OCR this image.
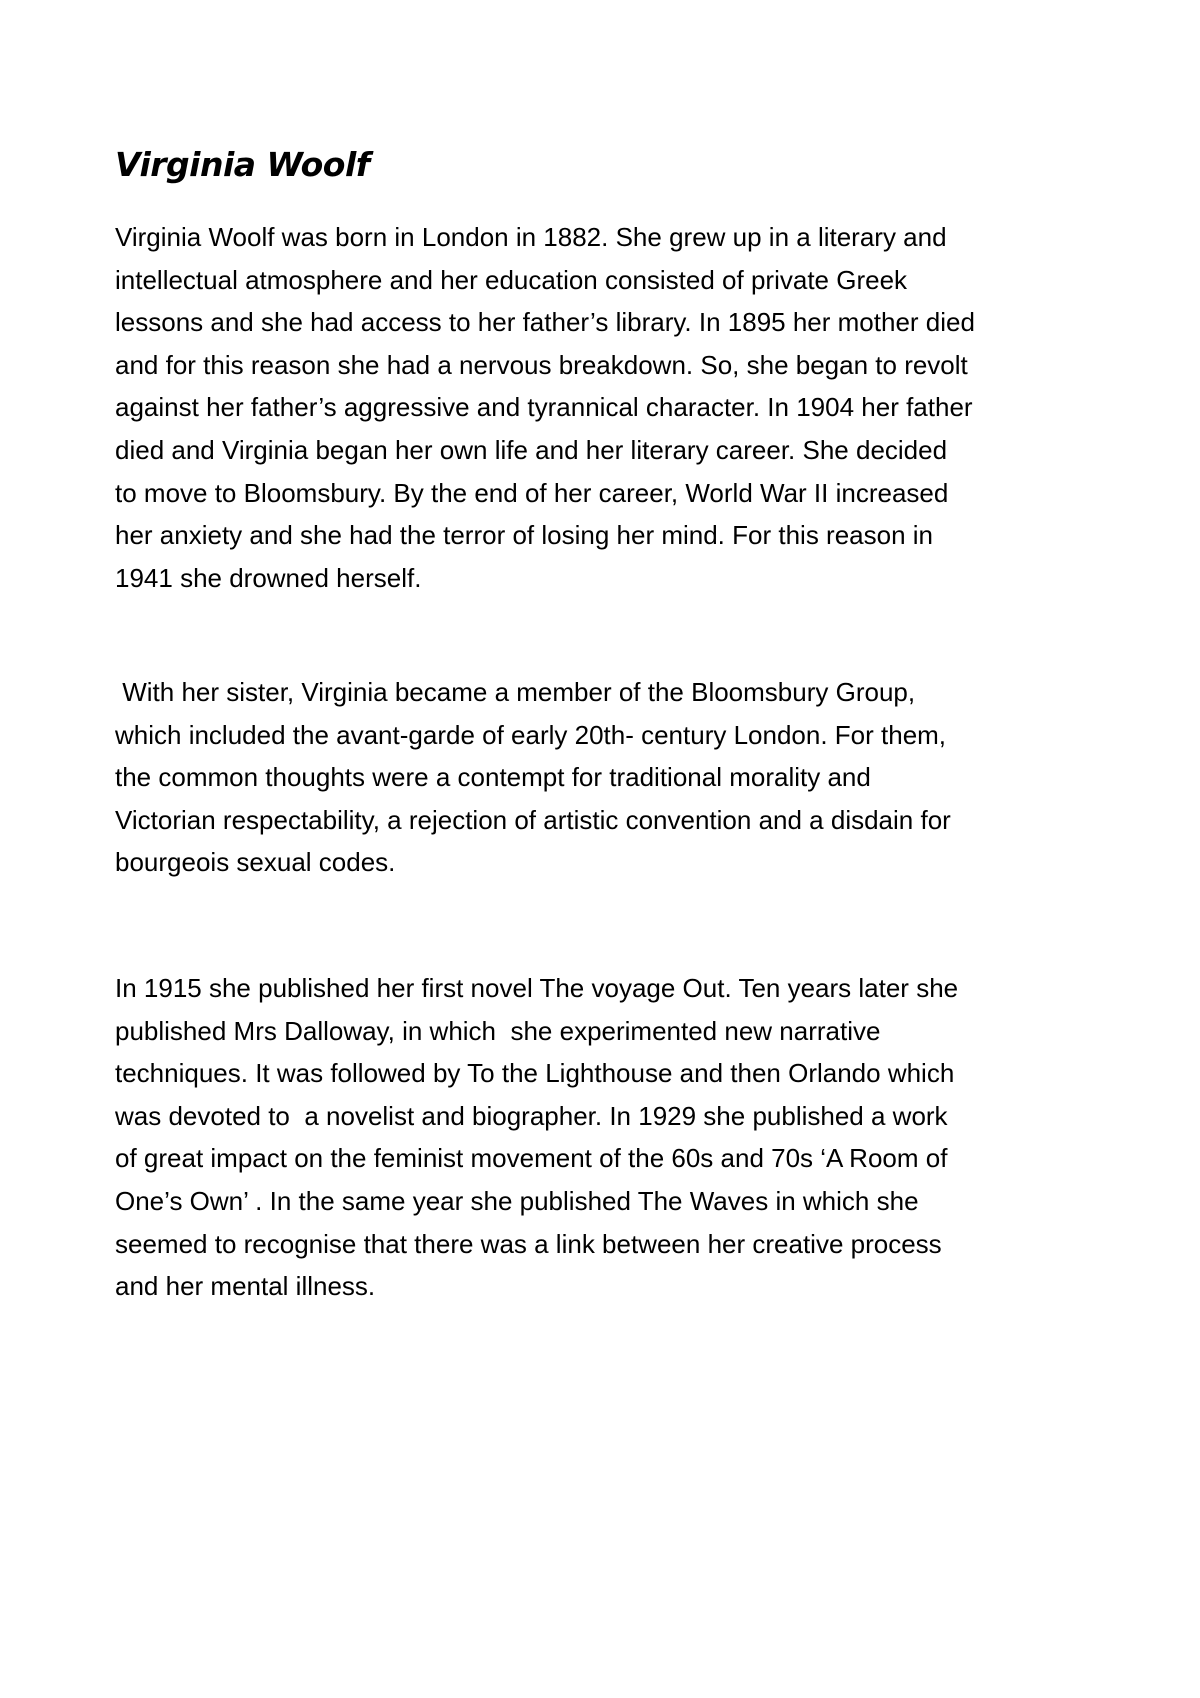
Virginia Woolf

Virginia Woolf was born in London in 1882. She grew up in a literary and
intellectual atmosphere and her education consisted of private Greek
lessons and she had access to her father’s library. In 1895 her mother died
and for this reason she had a nervous breakdown. So, she began to revolt
against her father’s aggressive and tyrannical character. In 1904 her father
died and Virginia began her own life and her literary career. She decided
to move to Bloomsbury. By the end of her career, World War II increased
her anxiety and she had the terror of losing her mind. For this reason in
1941 she drowned herself.

With her sister, Virginia became a member of the Bloomsbury Group,
which included the avant-garde of early 20th- century London. For them,
the common thoughts were a contempt for traditional morality and
Victorian respectability, a rejection of artistic convention and a disdain for
bourgeois sexual codes.

In 1915 she published her first novel The voyage Out. Ten years later she
published Mrs Dalloway, in which  she experimented new narrative
techniques. It was followed by To the Lighthouse and then Orlando which
was devoted to  a novelist and biographer. In 1929 she published a work
of great impact on the feminist movement of the 60s and 70s ‘A Room of
One’s Own’ . In the same year she published The Waves in which she
seemed to recognise that there was a link between her creative process
and her mental illness.
